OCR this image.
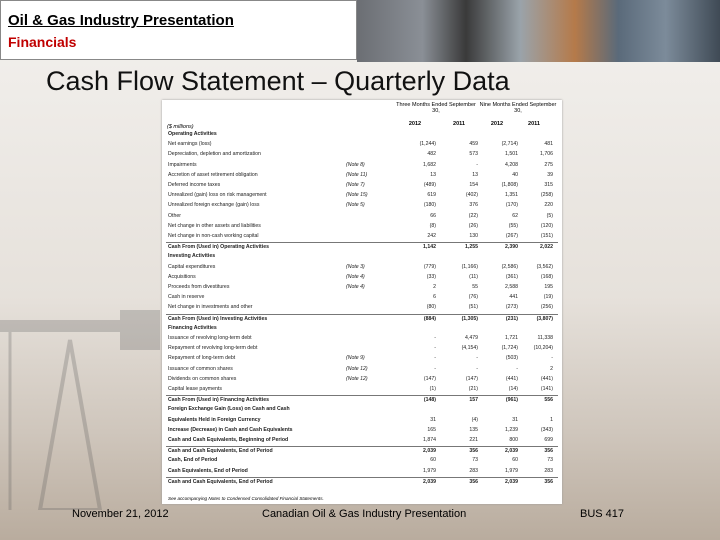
Oil & Gas Industry Presentation
Financials
Cash Flow Statement – Quarterly Data
Three Months Ended September 30,
Nine Months Ended September 30,
2012	2011	2012	2011
($ millions)
Operating Activities
Net earnings (loss)	(1,244)	459	(2,714)	481
Depreciation, depletion and amortization	482	573	1,501	1,706
Impairments	(Note 8)	1,682	-	4,208	275
Accretion of asset retirement obligation	(Note 11)	13	13	40	39
Deferred income taxes	(Note 7)	(489)	154	(1,808)	315
Unrealized (gain) loss on risk management	(Note 15)	619	(402)	1,351	(258)
Unrealized foreign exchange (gain) loss	(Note 5)	(180)	376	(170)	220
Other	66	(22)	62	(5)
Net change in other assets and liabilities	(8)	(26)	(55)	(120)
Net change in non-cash working capital	242	130	(267)	(151)
Cash From (Used in) Operating Activities	1,142	1,255	2,390	2,022
Investing Activities
Capital expenditures	(Note 3)	(779)	(1,166)	(2,586)	(3,562)
Acquisitions	(Note 4)	(33)	(11)	(361)	(168)
Proceeds from divestitures	(Note 4)	2	55	2,588	195
Cash in reserve	6	(76)	441	(19)
Net change in investments and other	(80)	(51)	(273)	(256)
Cash From (Used in) Investing Activities	(884)	(1,305)	(231)	(3,807)
Financing Activities
Issuance of revolving long-term debt	-	4,479	1,721	11,338
Repayment of revolving long-term debt	-	(4,154)	(1,724)	(10,204)
Repayment of long-term debt	(Note 9)	-	-	(503)	-
Issuance of common shares	(Note 12)	-	-	-	2
Dividends on common shares	(Note 12)	(147)	(147)	(441)	(441)
Capital lease payments	(1)	(21)	(14)	(141)
Cash From (Used in) Financing Activities	(148)	157	(961)	556
Foreign Exchange Gain (Loss) on Cash and Cash
Equivalents Held in Foreign Currency	31	(4)	31	1
Increase (Decrease) in Cash and Cash Equivalents	165	135	1,239	(343)
Cash and Cash Equivalents, Beginning of Period	1,874	221	800	699
Cash and Cash Equivalents, End of Period	2,039	356	2,039	356
Cash, End of Period	60	73	60	73
Cash Equivalents, End of Period	1,979	283	1,979	283
Cash and Cash Equivalents, End of Period	2,039	356	2,039	356
See accompanying Notes to Condensed Consolidated Financial Statements.
November 21, 2012	Canadian Oil & Gas Industry Presentation	BUS 417
